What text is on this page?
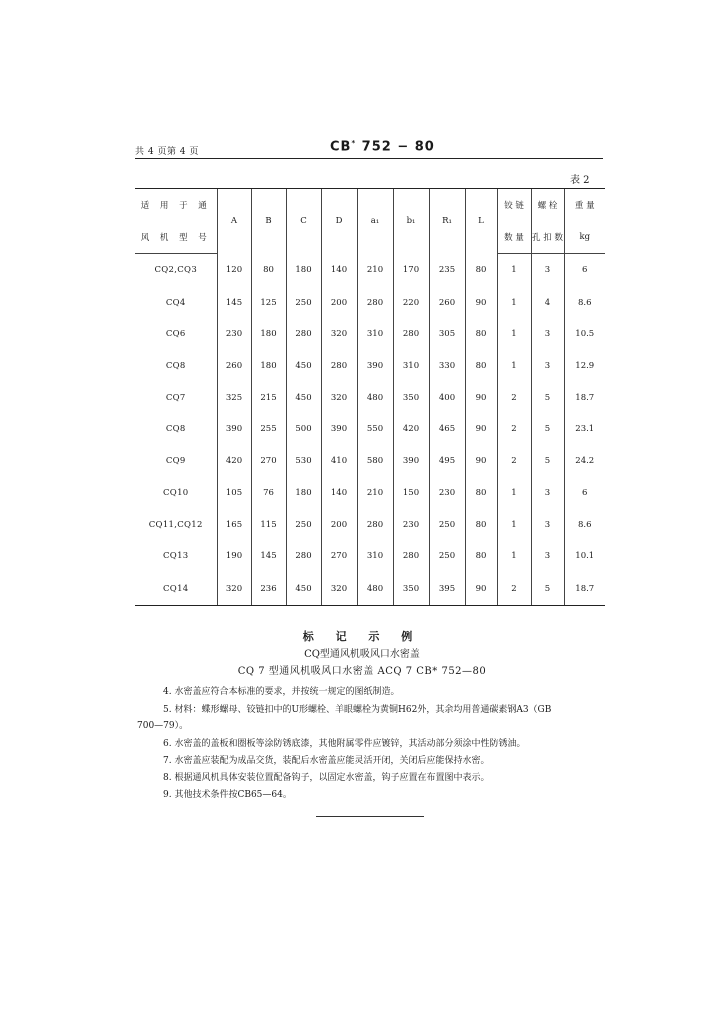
共 4 页第 4 页	CB* 752 − 80
表 2
适 用 于 通	A	B	C	D	a₁	b₁	R₁	L	铰 链	螺 栓	重 量
风 机 型 号									数 量	孔 扣 数	kg
CQ2,CQ3	120	80	180	140	210	170	235	80	1	3	6
CQ4	145	125	250	200	280	220	260	90	1	4	8.6
CQ6	230	180	280	320	310	280	305	80	1	3	10.5
CQ8	260	180	450	280	390	310	330	80	1	3	12.9
CQ7	325	215	450	320	480	350	400	90	2	5	18.7
CQ8	390	255	500	390	550	420	465	90	2	5	23.1
CQ9	420	270	530	410	580	390	495	90	2	5	24.2
CQ10	105	76	180	140	210	150	230	80	1	3	6
CQ11,CQ12	165	115	250	200	280	230	250	80	1	3	8.6
CQ13	190	145	280	270	310	280	250	80	1	3	10.1
CQ14	320	236	450	320	480	350	395	90	2	5	18.7
标 记 示 例
CQ型通风机吸风口水密盖
CQ 7 型通风机吸风口水密盖 ACQ 7 CB* 752—80
4. 水密盖应符合本标准的要求，并按统一规定的图纸制造。
5. 材料：蝶形螺母、铰链扣中的U形螺栓、羊眼螺栓为黄铜H62外，其余均用普通碳素钢A3（GB
700—79）。
6. 水密盖的盖板和圈板等涂防锈底漆，其他附属零件应镀锌，其活动部分须涂中性防锈油。
7. 水密盖应装配为成品交货，装配后水密盖应能灵活开闭，关闭后应能保持水密。
8. 根据通风机具体安装位置配备钩子，以固定水密盖，钩子应置在布置图中表示。
9. 其他技术条件按CB65—64。
